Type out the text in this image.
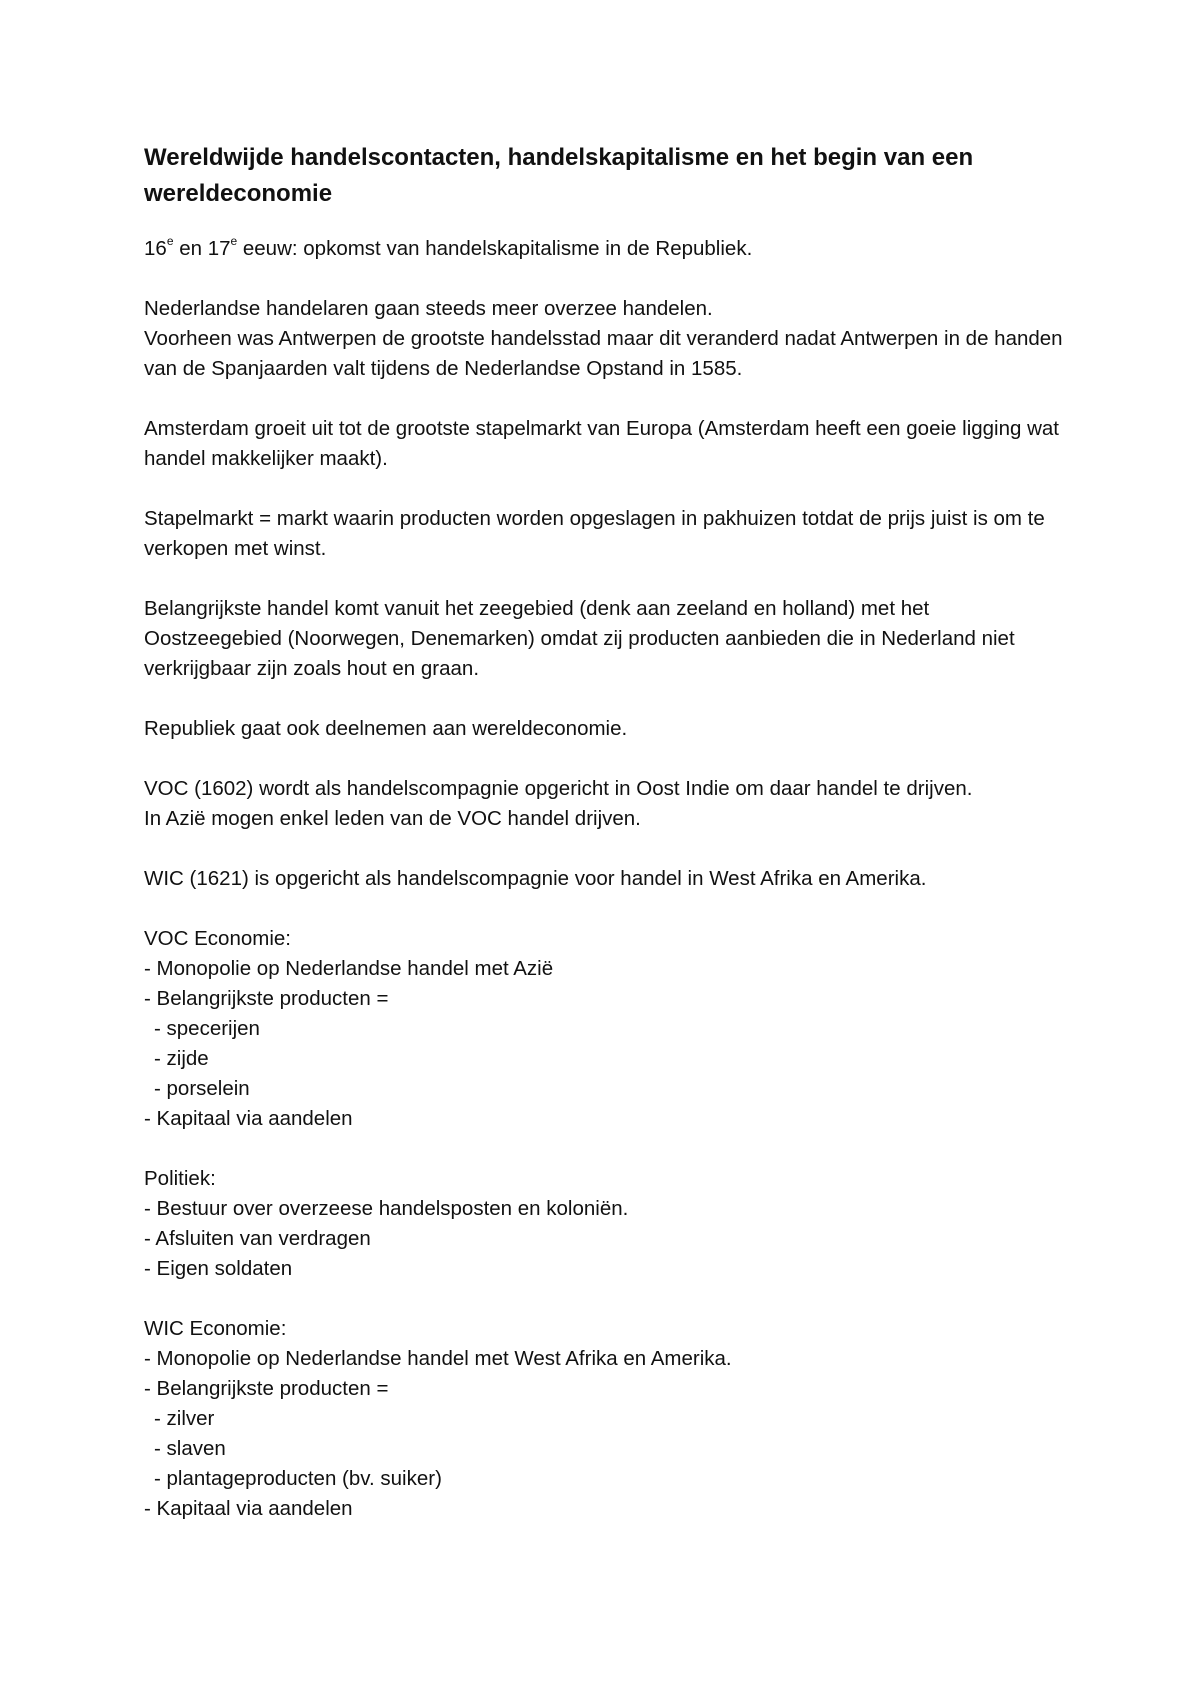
Wereldwijde handelscontacten, handelskapitalisme en het begin van een wereldeconomie

16e en 17e eeuw: opkomst van handelskapitalisme in de Republiek.

Nederlandse handelaren gaan steeds meer overzee handelen.
Voorheen was Antwerpen de grootste handelsstad maar dit veranderd nadat Antwerpen in de handen van de Spanjaarden valt tijdens de Nederlandse Opstand in 1585.

Amsterdam groeit uit tot de grootste stapelmarkt van Europa (Amsterdam heeft een goeie ligging wat handel makkelijker maakt).

Stapelmarkt = markt waarin producten worden opgeslagen in pakhuizen totdat de prijs juist is om te verkopen met winst.

Belangrijkste handel komt vanuit het zeegebied (denk aan zeeland en holland) met het Oostzeegebied (Noorwegen, Denemarken) omdat zij producten aanbieden die in Nederland niet verkrijgbaar zijn zoals hout en graan.

Republiek gaat ook deelnemen aan wereldeconomie.

VOC (1602) wordt als handelscompagnie opgericht in Oost Indie om daar handel te drijven.
In Azië mogen enkel leden van de VOC handel drijven.

WIC (1621) is opgericht als handelscompagnie voor handel in West Afrika en Amerika.

VOC Economie:
- Monopolie op Nederlandse handel met Azië
- Belangrijkste producten =
- specerijen
- zijde
- porselein
- Kapitaal via aandelen
Politiek:
- Bestuur over overzeese handelsposten en koloniën.
- Afsluiten van verdragen
- Eigen soldaten
WIC Economie:
- Monopolie op Nederlandse handel met West Afrika en Amerika.
- Belangrijkste producten =
- zilver
- slaven
- plantageproducten (bv. suiker)
- Kapitaal via aandelen
